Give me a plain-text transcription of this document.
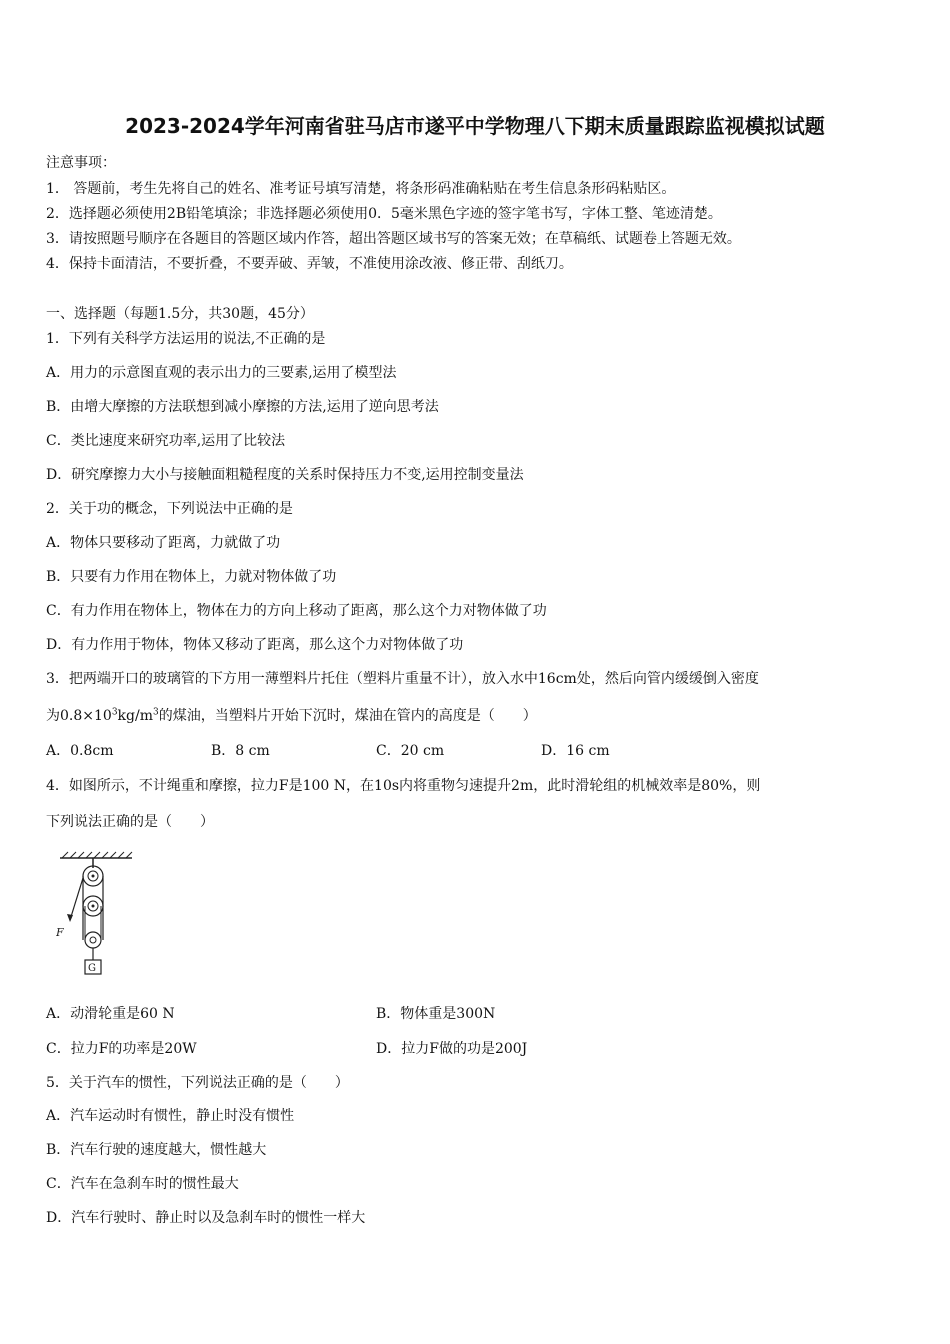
2023-2024学年河南省驻马店市遂平中学物理八下期末质量跟踪监视模拟试题
注意事项：
1． 答题前，考生先将自己的姓名、准考证号填写清楚，将条形码准确粘贴在考生信息条形码粘贴区。
2．选择题必须使用2B铅笔填涂；非选择题必须使用0．5毫米黑色字迹的签字笔书写，字体工整、笔迹清楚。
3．请按照题号顺序在各题目的答题区域内作答，超出答题区域书写的答案无效；在草稿纸、试题卷上答题无效。
4．保持卡面清洁，不要折叠，不要弄破、弄皱，不准使用涂改液、修正带、刮纸刀。
一、选择题（每题1.5分，共30题，45分）
1．下列有关科学方法运用的说法,不正确的是
A．用力的示意图直观的表示出力的三要素,运用了模型法
B．由增大摩擦的方法联想到减小摩擦的方法,运用了逆向思考法
C．类比速度来研究功率,运用了比较法
D．研究摩擦力大小与接触面粗糙程度的关系时保持压力不变,运用控制变量法
2．关于功的概念，下列说法中正确的是
A．物体只要移动了距离，力就做了功
B．只要有力作用在物体上，力就对物体做了功
C．有力作用在物体上，物体在力的方向上移动了距离，那么这个力对物体做了功
D．有力作用于物体，物体又移动了距离，那么这个力对物体做了功
3．把两端开口的玻璃管的下方用一薄塑料片托住（塑料片重量不计），放入水中16cm处，然后向管内缓缓倒入密度
为$0.8\times 10^3kg/m^3$的煤油，当塑料片开始下沉时，煤油在管内的高度是（　　）
A．0.8cm	B．8 cm	C．20 cm	D．16 cm
4．如图所示，不计绳重和摩擦，拉力F是100 N，在10s内将重物匀速提升2m，此时滑轮组的机械效率是80%，则
下列说法正确的是（　　）
F
G
A．动滑轮重是60 N	B．物体重是300N
C．拉力F的功率是20W	D．拉力F做的功是200J
5．关于汽车的惯性，下列说法正确的是（　　）
A．汽车运动时有惯性，静止时没有惯性
B．汽车行驶的速度越大，惯性越大
C．汽车在急刹车时的惯性最大
D．汽车行驶时、静止时以及急刹车时的惯性一样大
